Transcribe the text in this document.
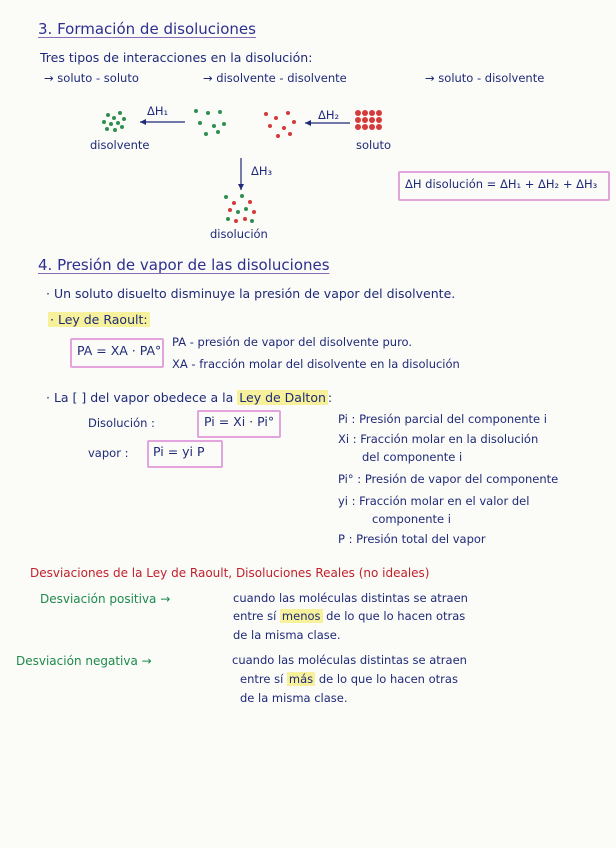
3. Formación de disoluciones
Tres tipos de interacciones en la disolución:
→ soluto - soluto	→ disolvente - disolvente	→ soluto - disolvente
ΔH₁	ΔH₂
ΔH₃
disolvente	soluto
disolución
ΔH disolución = ΔH₁ + ΔH₂ + ΔH₃
4. Presión de vapor de las disoluciones
· Un soluto disuelto disminuye la presión de vapor del disolvente.
· Ley de Raoult:
PA = XA · PA°
PA - presión de vapor del disolvente puro.
XA - fracción molar del disolvente en la disolución
· La [ ] del vapor obedece a la Ley de Dalton :
Disolución :	Pi = Xi · Pi°
vapor : Pi = yi P
Pi : Presión parcial del componente i
Xi : Fracción molar en la disolución
del componente i
Pi° : Presión de vapor del componente
yi : Fracción molar en el valor del
componente i
P : Presión total del vapor
Desviaciones de la Ley de Raoult, Disoluciones Reales (no ideales)
Desviación positiva →	cuando las moléculas distintas se atraen
entre sí menos de lo que lo hacen otras
de la misma clase.
Desviación negativa →	cuando las moléculas distintas se atraen
entre sí más de lo que lo hacen otras
de la misma clase.
